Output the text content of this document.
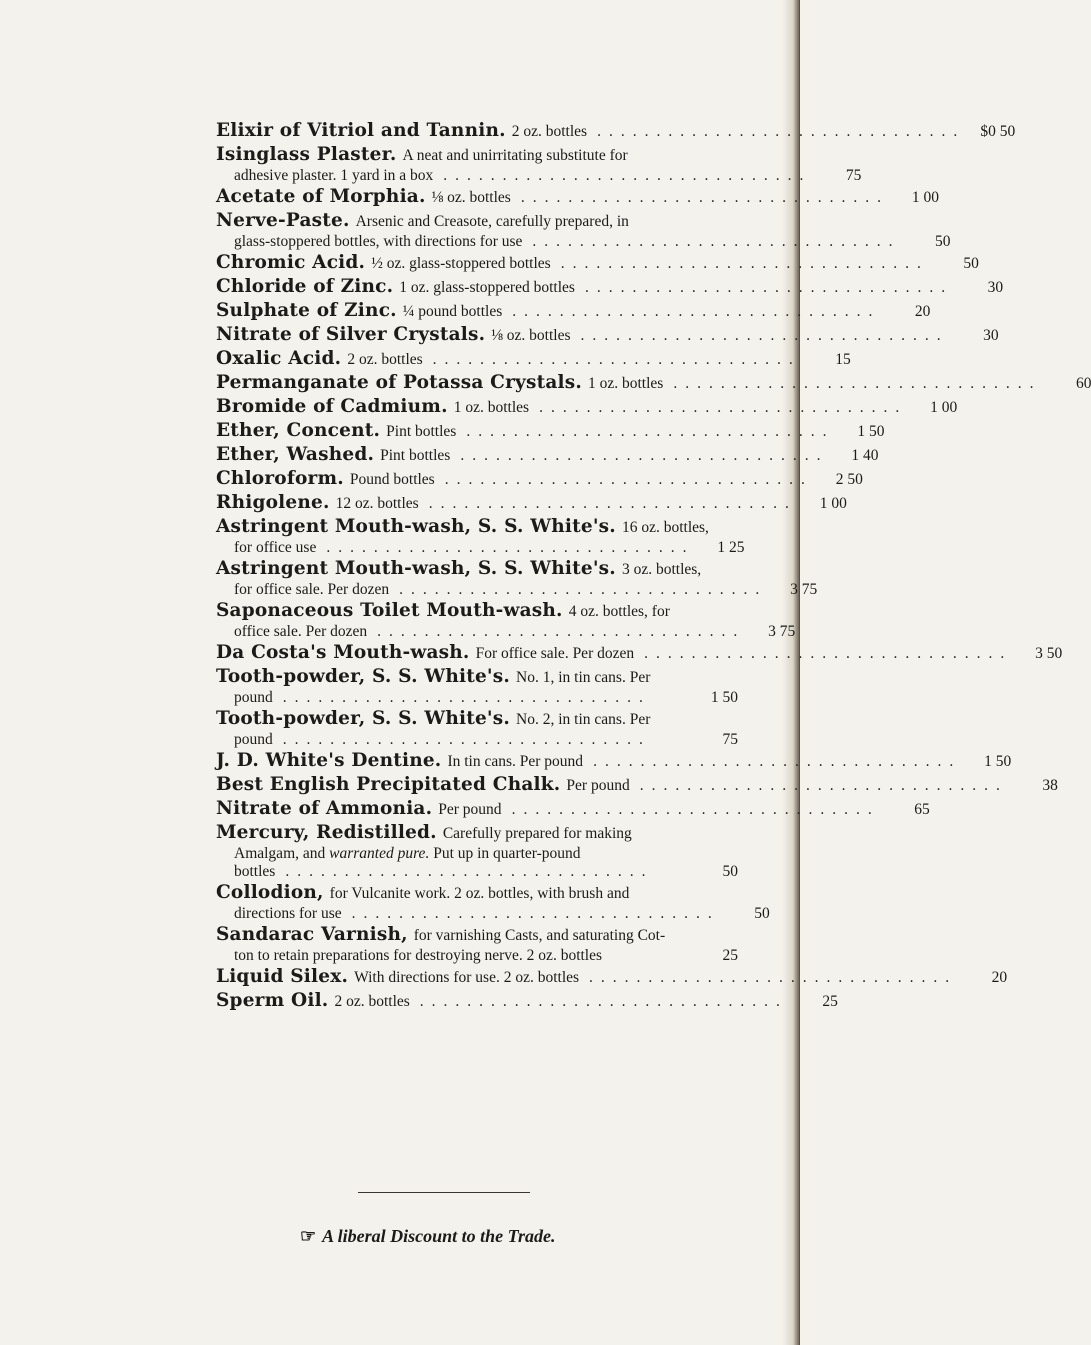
Elixir of Vitriol and Tannin. 2 oz. bottles ............................... $0 50
Isinglass Plaster. A neat and unirritating substitute for
adhesive plaster. 1 yard in a box ...............................	75
Acetate of Morphia. ⅛ oz. bottles ...............................	1 00
Nerve-Paste. Arsenic and Creasote, carefully prepared, in
glass-stoppered bottles, with directions for use ...............................	50
Chromic Acid. ½ oz. glass-stoppered bottles ...............................	50
Chloride of Zinc. 1 oz. glass-stoppered bottles ...............................	30
Sulphate of Zinc. ¼ pound bottles ...............................	20
Nitrate of Silver Crystals. ⅛ oz. bottles ...............................	30
Oxalic Acid. 2 oz. bottles ...............................	15
Permanganate of Potassa Crystals. 1 oz. bottles ...............................	60
Bromide of Cadmium. 1 oz. bottles ...............................	1 00
Ether, Concent. Pint bottles ...............................	1 50
Ether, Washed. Pint bottles ...............................	1 40
Chloroform. Pound bottles ...............................	2 50
Rhigolene. 12 oz. bottles ...............................	1 00
Astringent Mouth-wash, S. S. White's. 16 oz. bottles,
for office use ...............................	1 25
Astringent Mouth-wash, S. S. White's. 3 oz. bottles,
for office sale. Per dozen ...............................	3 75
Saponaceous Toilet Mouth-wash. 4 oz. bottles, for
office sale. Per dozen ...............................	3 75
Da Costa's Mouth-wash. For office sale. Per dozen ...............................	3 50
Tooth-powder, S. S. White's. No. 1, in tin cans. Per
pound ...............................	1 50
Tooth-powder, S. S. White's. No. 2, in tin cans. Per
pound ...............................	75
J. D. White's Dentine. In tin cans. Per pound ...............................	1 50
Best English Precipitated Chalk. Per pound ...............................	38
Nitrate of Ammonia. Per pound ...............................	65
Mercury, Redistilled. Carefully prepared for making
Amalgam, and warranted pure. Put up in quarter-pound
bottles ...............................	50
Collodion, for Vulcanite work. 2 oz. bottles, with brush and
directions for use ...............................	50
Sandarac Varnish, for varnishing Casts, and saturating Cot-
ton to retain preparations for destroying nerve. 2 oz. bottles	25
Liquid Silex. With directions for use. 2 oz. bottles ...............................	20
Sperm Oil. 2 oz. bottles ...............................	25
☞ A liberal Discount to the Trade.
